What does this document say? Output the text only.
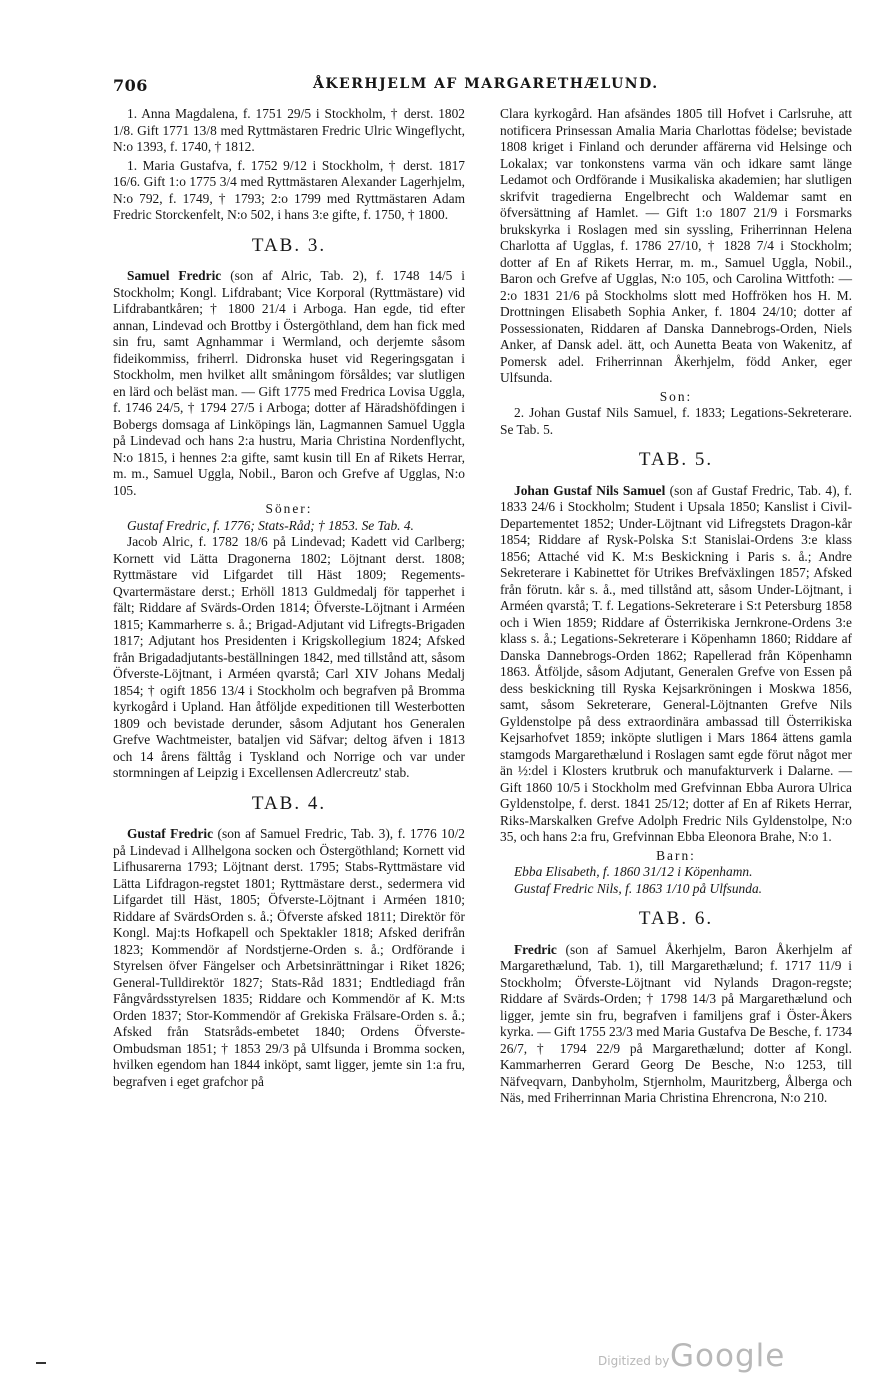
706	ÅKERHJELM AF MARGARETHÆLUND.

1. Anna Magdalena, f. 1751 29/5 i Stockholm, † derst. 1802 1/8. Gift 1771 13/8 med Ryttmästaren Fredric Ulric Wingeflycht, N:o 1393, f. 1740, † 1812.

1. Maria Gustafva, f. 1752 9/12 i Stockholm, † derst. 1817 16/6. Gift 1:o 1775 3/4 med Ryttmästaren Alexander Lagerhjelm, N:o 792, f. 1749, † 1793; 2:o 1799 med Ryttmästaren Adam Fredric Storckenfelt, N:o 502, i hans 3:e gifte, f. 1750, † 1800.

TAB. 3.

Samuel Fredric (son af Alric, Tab. 2), f. 1748 14/5 i Stockholm; Kongl. Lifdrabant; Vice Korporal (Ryttmästare) vid Lifdrabantkåren; † 1800 21/4 i Arboga. Han egde, tid efter annan, Lindevad och Brottby i Östergöthland, dem han fick med sin fru, samt Agnhammar i Wermland, och derjemte såsom fideikommiss, friherrl. Didronska huset vid Regeringsgatan i Stockholm, men hvilket allt småningom försåldes; var slutligen en lärd och beläst man. — Gift 1775 med Fredrica Lovisa Uggla, f. 1746 24/5, † 1794 27/5 i Arboga; dotter af Häradshöfdingen i Bobergs domsaga af Linköpings län, Lagmannen Samuel Uggla på Lindevad och hans 2:a hustru, Maria Christina Nordenflycht, N:o 1815, i hennes 2:a gifte, samt kusin till En af Rikets Herrar, m. m., Samuel Uggla, Nobil., Baron och Grefve af Ugglas, N:o 105.

Söner:

Gustaf Fredric, f. 1776; Stats-Råd; † 1853. Se Tab. 4.

Jacob Alric, f. 1782 18/6 på Lindevad; Kadett vid Carlberg; Kornett vid Lätta Dragonerna 1802; Löjtnant derst. 1808; Ryttmästare vid Lifgardet till Häst 1809; Regements-Qvartermästare derst.; Erhöll 1813 Guldmedalj för tapperhet i fält; Riddare af Svärds-Orden 1814; Öfverste-Löjtnant i Arméen 1815; Kammarherre s. å.; Brigad-Adjutant vid Lifregts-Brigaden 1817; Adjutant hos Presidenten i Krigskollegium 1824; Afsked från Brigadadjutants-beställningen 1842, med tillstånd att, såsom Öfverste-Löjtnant, i Arméen qvarstå; Carl XIV Johans Medalj 1854; † ogift 1856 13/4 i Stockholm och begrafven på Bromma kyrkogård i Upland. Han åtföljde expeditionen till Westerbotten 1809 och bevistade derunder, såsom Adjutant hos Generalen Grefve Wachtmeister, bataljen vid Säfvar; deltog äfven i 1813 och 14 årens fälttåg i Tyskland och Norrige och var under stormningen af Leipzig i Excellensen Adlercreutz' stab.

TAB. 4.

Gustaf Fredric (son af Samuel Fredric, Tab. 3), f. 1776 10/2 på Lindevad i Allhelgona socken och Östergöthland; Kornett vid Lifhusarerna 1793; Löjtnant derst. 1795; Stabs-Ryttmästare vid Lätta Lifdragon-regstet 1801; Ryttmästare derst., sedermera vid Lifgardet till Häst, 1805; Öfverste-Löjtnant i Arméen 1810; Riddare af SvärdsOrden s. å.; Öfverste afsked 1811; Direktör för Kongl. Maj:ts Hofkapell och Spektakler 1818; Afsked derifrån 1823; Kommendör af Nordstjerne-Orden s. å.; Ordförande i Styrelsen öfver Fängelser och Arbetsinrättningar i Riket 1826; General-Tulldirektör 1827; Stats-Råd 1831; Endtlediagd från Fångvårdsstyrelsen 1835; Riddare och Kommendör af K. M:ts Orden 1837; Stor-Kommendör af Grekiska Frälsare-Orden s. å.; Afsked från Statsråds-embetet 1840; Ordens Öfverste-Ombudsman 1851; † 1853 29/3 på Ulfsunda i Bromma socken, hvilken egendom han 1844 inköpt, samt ligger, jemte sin 1:a fru, begrafven i eget grafchor på

Clara kyrkogård. Han afsändes 1805 till Hofvet i Carlsruhe, att notificera Prinsessan Amalia Maria Charlottas födelse; bevistade 1808 kriget i Finland och derunder affärerna vid Helsinge och Lokalax; var tonkonstens varma vän och idkare samt länge Ledamot och Ordförande i Musikaliska akademien; har slutligen skrifvit tragedierna Engelbrecht och Waldemar samt en öfversättning af Hamlet. — Gift 1:o 1807 21/9 i Forsmarks brukskyrka i Roslagen med sin syssling, Friherrinnan Helena Charlotta af Ugglas, f. 1786 27/10, † 1828 7/4 i Stockholm; dotter af En af Rikets Herrar, m. m., Samuel Uggla, Nobil., Baron och Grefve af Ugglas, N:o 105, och Carolina Wittfoth: — 2:o 1831 21/6 på Stockholms slott med Hoffröken hos H. M. Drottningen Elisabeth Sophia Anker, f. 1804 24/10; dotter af Possessionaten, Riddaren af Danska Dannebrogs-Orden, Niels Anker, af Dansk adel. ätt, och Aunetta Beata von Wakenitz, af Pomersk adel. Friherrinnan Åkerhjelm, född Anker, eger Ulfsunda.

Son:

2. Johan Gustaf Nils Samuel, f. 1833; Legations-Sekreterare. Se Tab. 5.

TAB. 5.

Johan Gustaf Nils Samuel (son af Gustaf Fredric, Tab. 4), f. 1833 24/6 i Stockholm; Student i Upsala 1850; Kanslist i Civil-Departementet 1852; Under-Löjtnant vid Lifregstets Dragon-kår 1854; Riddare af Rysk-Polska S:t Stanislai-Ordens 3:e klass 1856; Attaché vid K. M:s Beskickning i Paris s. å.; Andre Sekreterare i Kabinettet för Utrikes Brefväxlingen 1857; Afsked från förutn. kår s. å., med tillstånd att, såsom Under-Löjtnant, i Arméen qvarstå; T. f. Legations-Sekreterare i S:t Petersburg 1858 och i Wien 1859; Riddare af Österrikiska Jernkrone-Ordens 3:e klass s. å.; Legations-Sekreterare i Köpenhamn 1860; Riddare af Danska Dannebrogs-Orden 1862; Rapellerad från Köpenhamn 1863. Åtföljde, såsom Adjutant, Generalen Grefve von Essen på dess beskickning till Ryska Kejsarkröningen i Moskwa 1856, samt, såsom Sekreterare, General-Löjtnanten Grefve Nils Gyldenstolpe på dess extraordinära ambassad till Österrikiska Kejsarhofvet 1859; inköpte slutligen i Mars 1864 ättens gamla stamgods Margarethælund i Roslagen samt egde förut något mer än ½:del i Klosters krutbruk och manufakturverk i Dalarne. — Gift 1860 10/5 i Stockholm med Grefvinnan Ebba Aurora Ulrica Gyldenstolpe, f. derst. 1841 25/12; dotter af En af Rikets Herrar, Riks-Marskalken Grefve Adolph Fredric Nils Gyldenstolpe, N:o 35, och hans 2:a fru, Grefvinnan Ebba Eleonora Brahe, N:o 1.

Barn:

Ebba Elisabeth, f. 1860 31/12 i Köpenhamn.

Gustaf Fredric Nils, f. 1863 1/10 på Ulfsunda.

TAB. 6.

Fredric (son af Samuel Åkerhjelm, Baron Åkerhjelm af Margarethælund, Tab. 1), till Margarethælund; f. 1717 11/9 i Stockholm; Öfverste-Löjtnant vid Nylands Dragon-regste; Riddare af Svärds-Orden; † 1798 14/3 på Margarethælund och ligger, jemte sin fru, begrafven i familjens graf i Öster-Åkers kyrka. — Gift 1755 23/3 med Maria Gustafva De Besche, f. 1734 26/7, † 1794 22/9 på Margarethælund; dotter af Kongl. Kammarherren Gerard Georg De Besche, N:o 1253, till Näfveqvarn, Danbyholm, Stjernholm, Mauritzberg, Ålberga och Näs, med Friherrinnan Maria Christina Ehrencrona, N:o 210.

Digitized by Google
